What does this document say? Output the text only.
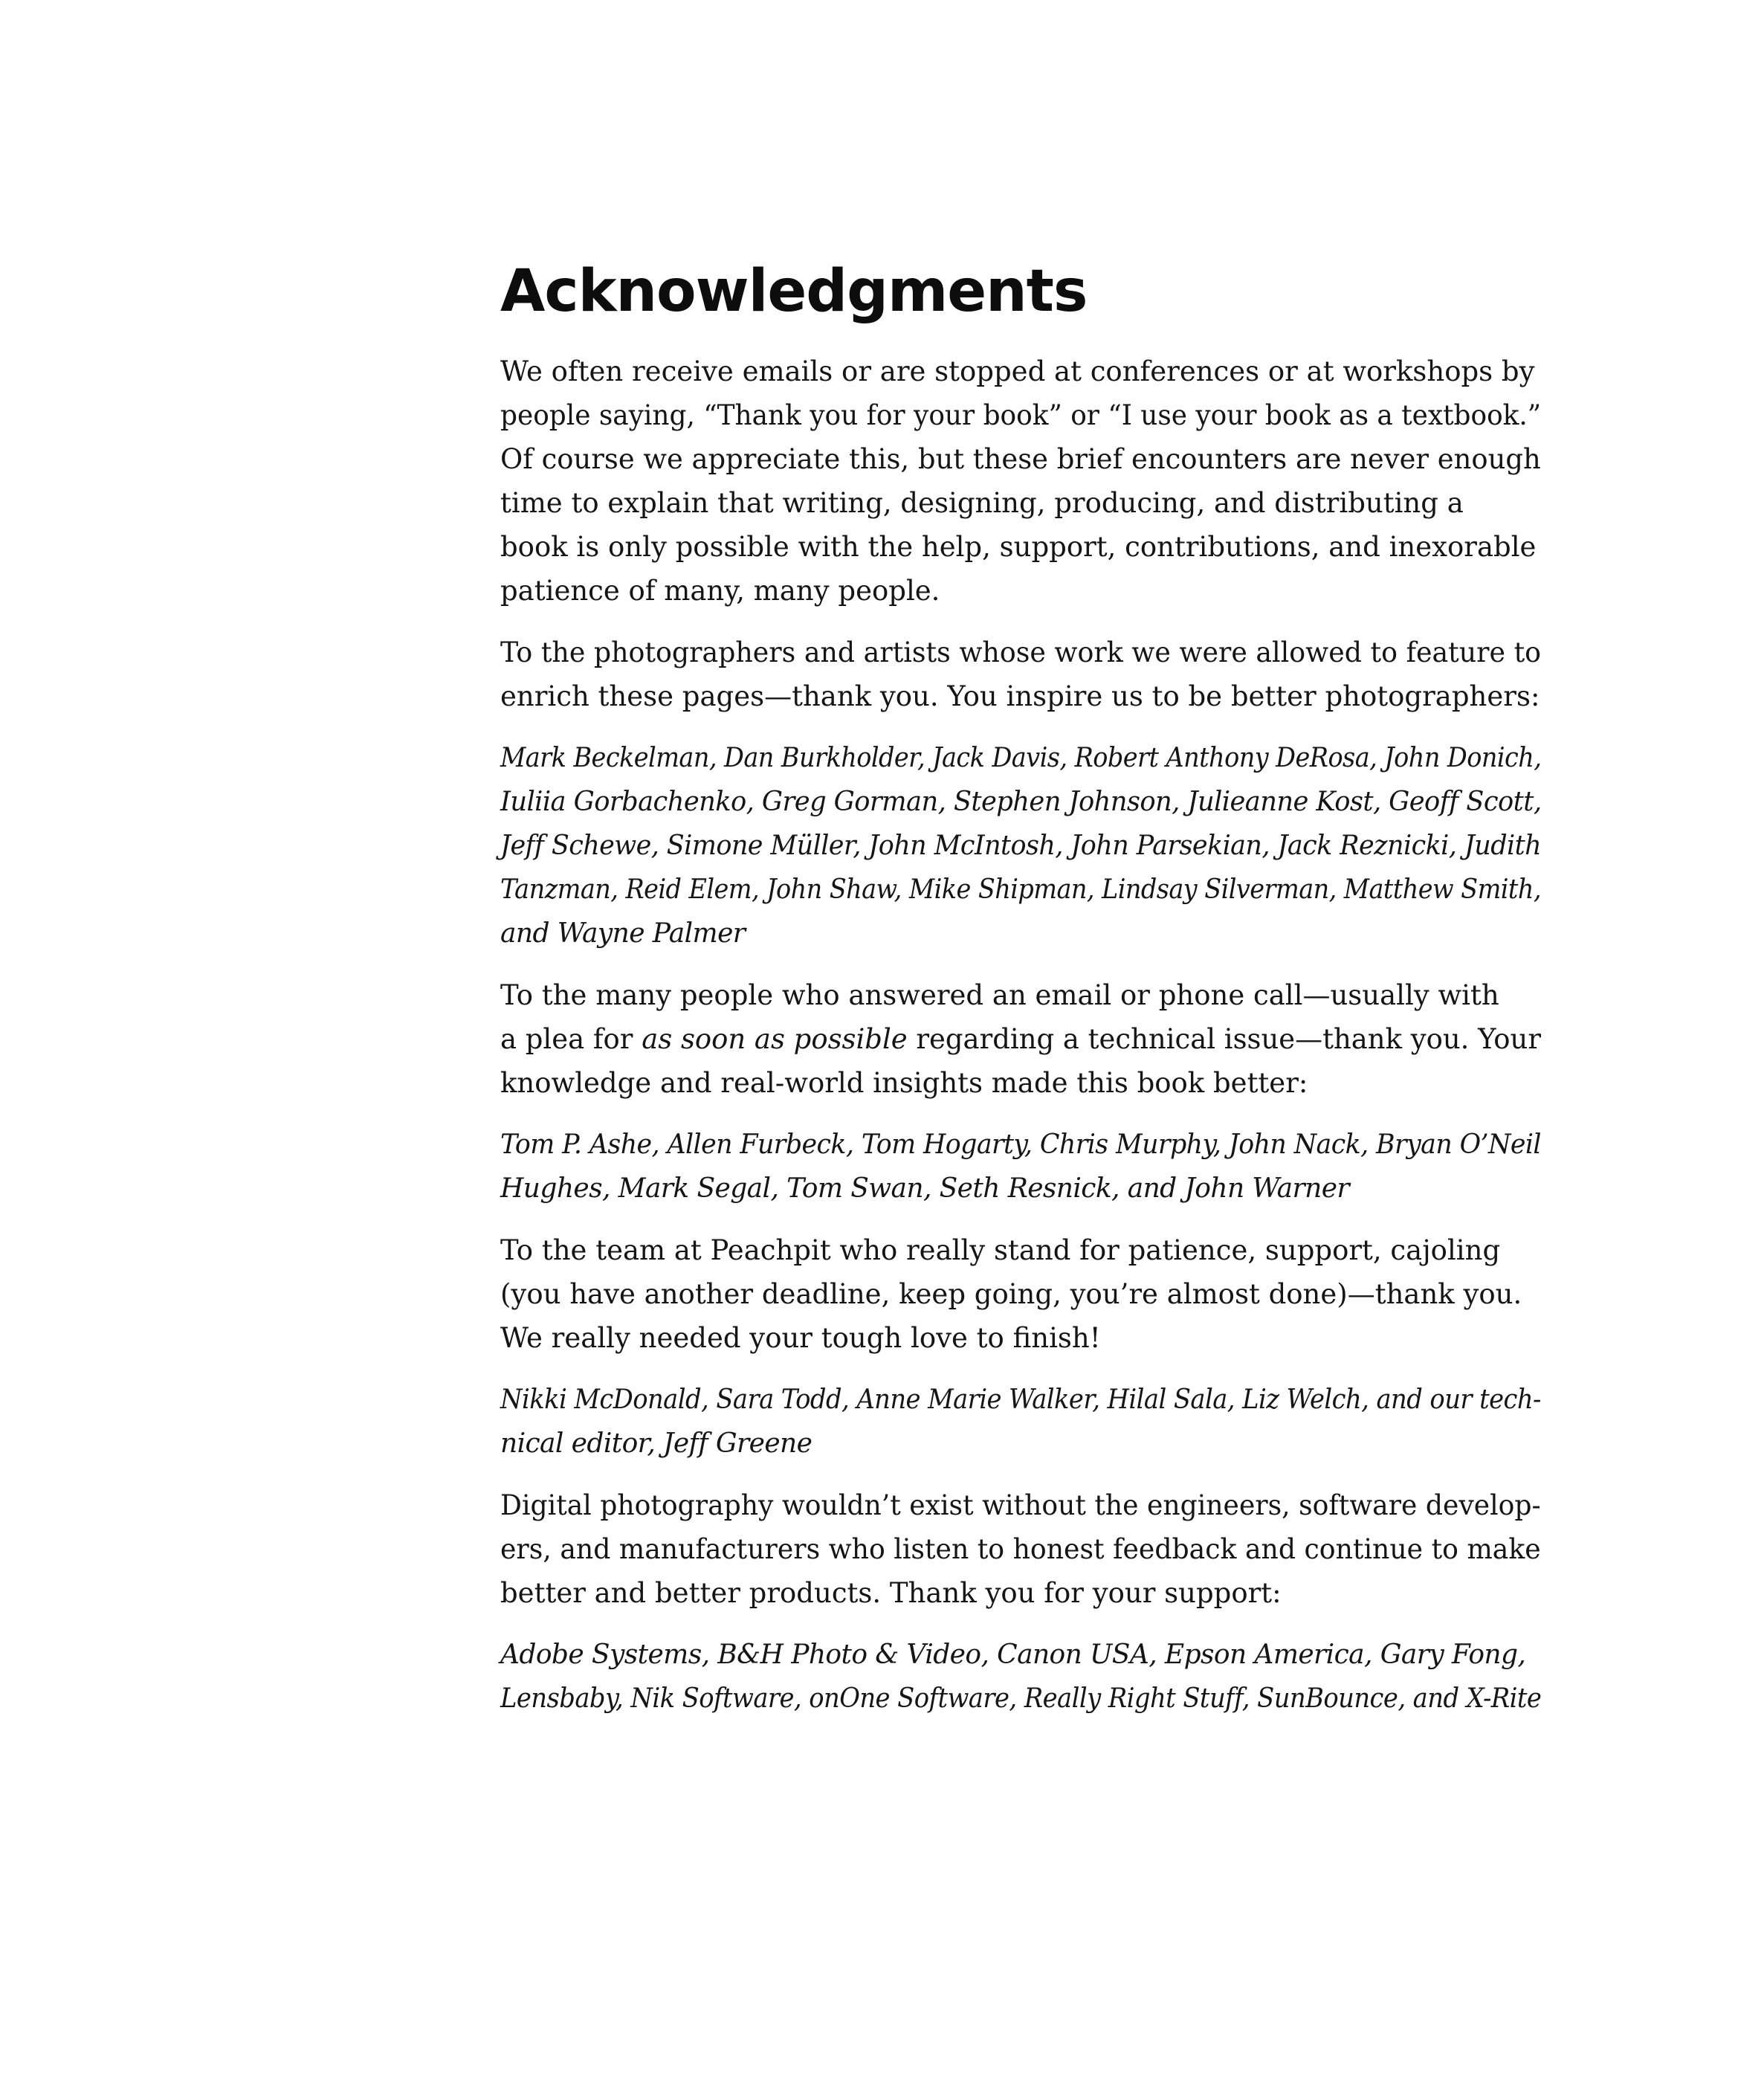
Acknowledgments

We often receive emails or are stopped at conferences or at workshops by
people saying, “Thank you for your book” or “I use your book as a textbook.”
Of course we appreciate this, but these brief encounters are never enough
time to explain that writing, designing, producing, and distributing a
book is only possible with the help, support, contributions, and inexorable
patience of many, many people.

To the photographers and artists whose work we were allowed to feature to
enrich these pages—thank you. You inspire us to be better photographers:

Mark Beckelman, Dan Burkholder, Jack Davis, Robert Anthony DeRosa, John Donich,
Iuliia Gorbachenko, Greg Gorman, Stephen Johnson, Julieanne Kost, Geoff Scott,
Jeff Schewe, Simone Müller, John McIntosh, John Parsekian, Jack Reznicki, Judith
Tanzman, Reid Elem, John Shaw, Mike Shipman, Lindsay Silverman, Matthew Smith,
and Wayne Palmer

To the many people who answered an email or phone call—usually with
a plea for as soon as possible regarding a technical issue—thank you. Your
knowledge and real-world insights made this book better:

Tom P. Ashe, Allen Furbeck, Tom Hogarty, Chris Murphy, John Nack, Bryan O’Neil
Hughes, Mark Segal, Tom Swan, Seth Resnick, and John Warner

To the team at Peachpit who really stand for patience, support, cajoling
(you have another deadline, keep going, you’re almost done)—thank you.
We really needed your tough love to finish!

Nikki McDonald, Sara Todd, Anne Marie Walker, Hilal Sala, Liz Welch, and our tech-
nical editor, Jeff Greene

Digital photography wouldn’t exist without the engineers, software develop-
ers, and manufacturers who listen to honest feedback and continue to make
better and better products. Thank you for your support:

Adobe Systems, B&H Photo & Video, Canon USA, Epson America, Gary Fong,
Lensbaby, Nik Software, onOne Software, Really Right Stuff, SunBounce, and X-Rite
